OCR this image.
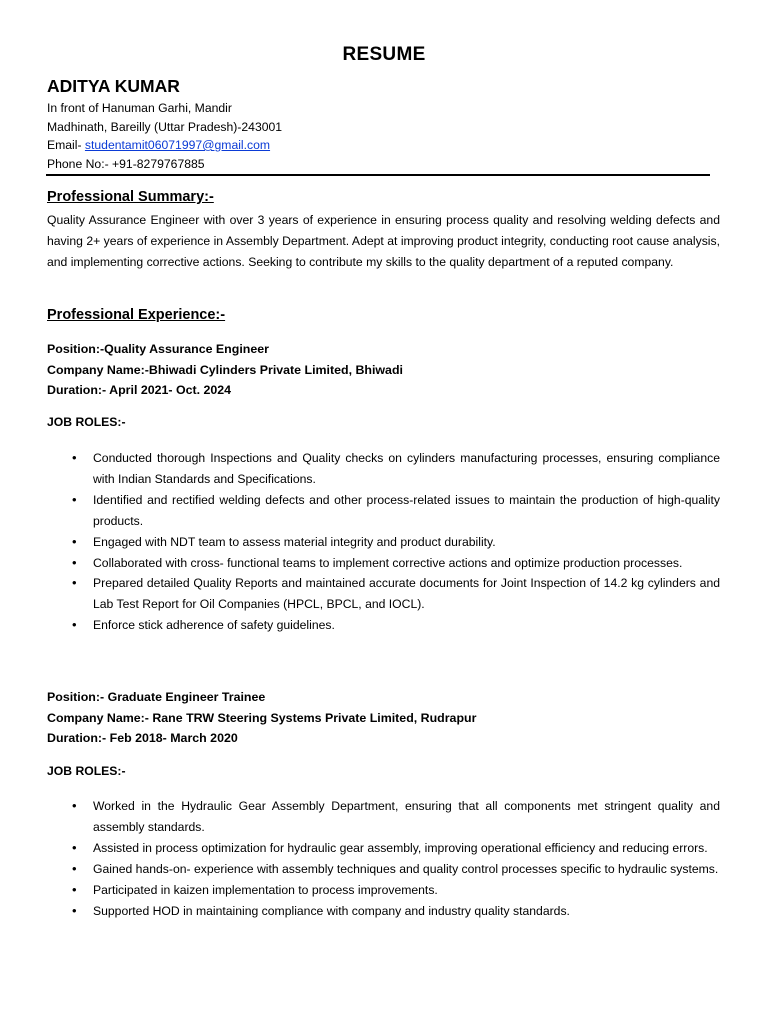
RESUME
ADITYA KUMAR
In front of Hanuman Garhi, Mandir
Madhinath, Bareilly (Uttar Pradesh)-243001
Email- studentamit06071997@gmail.com
Phone No:- +91-8279767885
Professional Summary:-
Quality Assurance Engineer with over 3 years of experience in ensuring process quality and resolving welding defects and having 2+ years of experience in Assembly Department. Adept at improving product integrity, conducting root cause analysis, and implementing corrective actions. Seeking to contribute my skills to the quality department of a reputed company.
Professional Experience:-
Position:-Quality Assurance Engineer
Company Name:-Bhiwadi Cylinders Private Limited, Bhiwadi
Duration:- April 2021- Oct. 2024
JOB ROLES:-
• Conducted thorough Inspections and Quality checks on cylinders manufacturing processes, ensuring compliance with Indian Standards and Specifications.
• Identified and rectified welding defects and other process-related issues to maintain the production of high-quality products.
• Engaged with NDT team to assess material integrity and product durability.
• Collaborated with cross- functional teams to implement corrective actions and optimize production processes.
• Prepared detailed Quality Reports and maintained accurate documents for Joint Inspection of 14.2 kg cylinders and Lab Test Report for Oil Companies (HPCL, BPCL, and IOCL).
• Enforce stick adherence of safety guidelines.
Position:- Graduate Engineer Trainee
Company Name:- Rane TRW Steering Systems Private Limited, Rudrapur
Duration:- Feb 2018- March 2020
JOB ROLES:-
• Worked in the Hydraulic Gear Assembly Department, ensuring that all components met stringent quality and assembly standards.
• Assisted in process optimization for hydraulic gear assembly, improving operational efficiency and reducing errors.
• Gained hands-on- experience with assembly techniques and quality control processes specific to hydraulic systems.
• Participated in kaizen implementation to process improvements.
• Supported HOD in maintaining compliance with company and industry quality standards.
